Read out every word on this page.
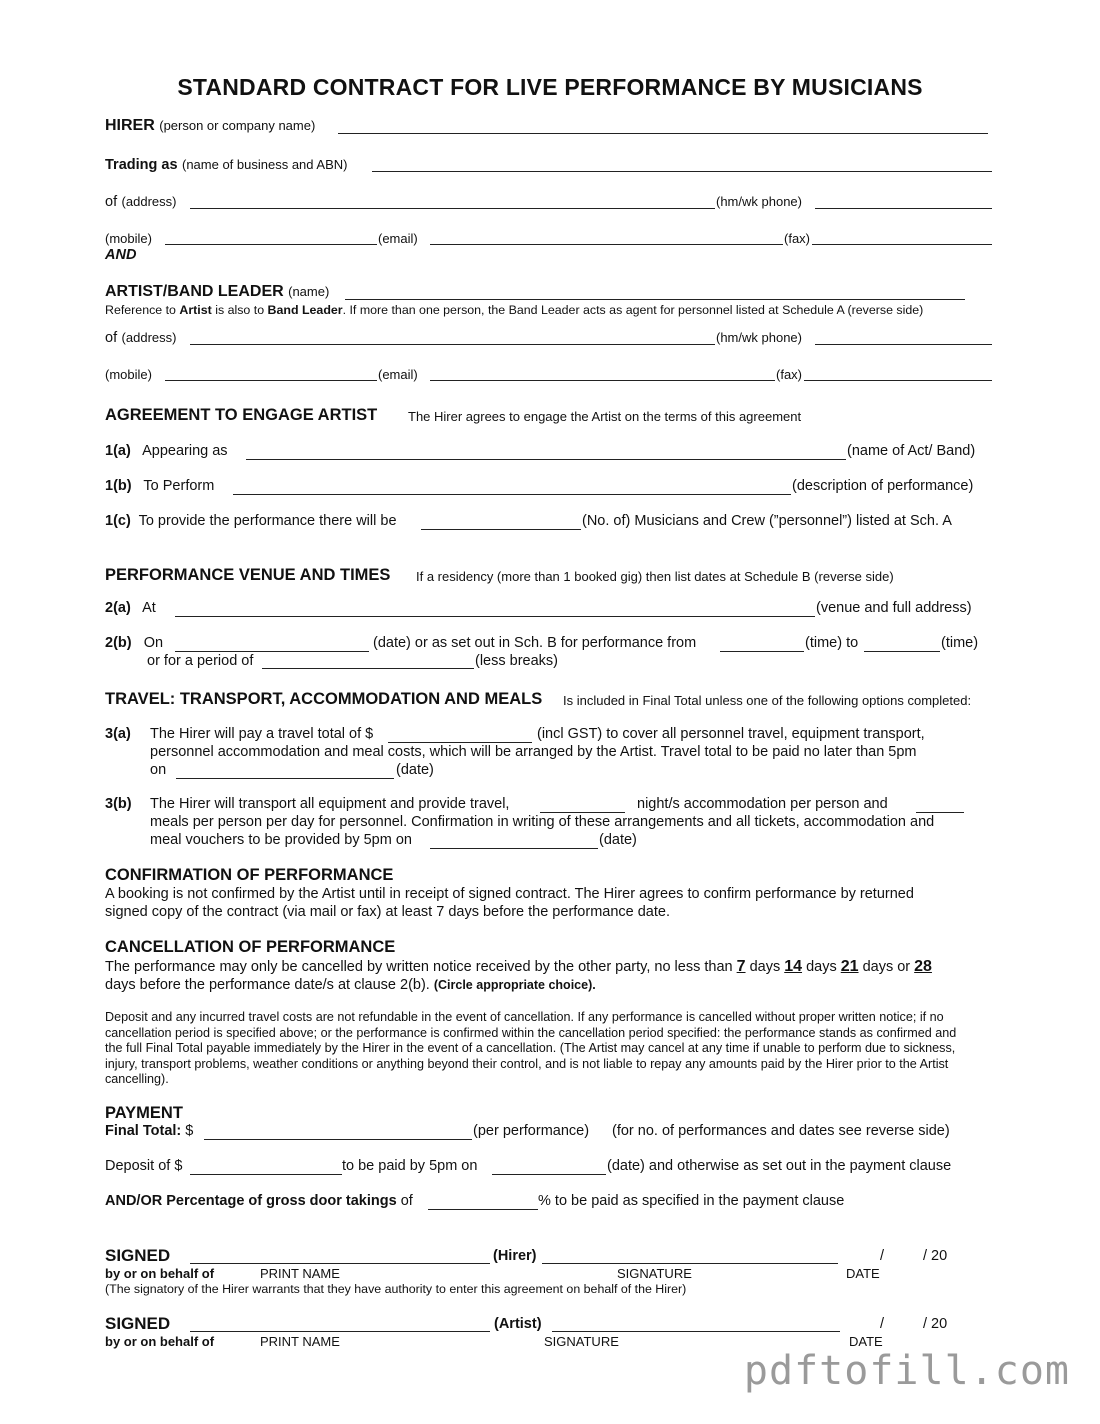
STANDARD CONTRACT FOR LIVE PERFORMANCE BY MUSICIANS
HIRER (person or company name)
Trading as (name of business and ABN)
of (address)	(hm/wk phone)
(mobile)	(email)	(fax)
AND
ARTIST/BAND LEADER (name)
Reference to Artist is also to Band Leader. If more than one person, the Band Leader acts as agent for personnel listed at Schedule A (reverse side)
of (address)	(hm/wk phone)
(mobile)	(email)	(fax)
AGREEMENT TO ENGAGE ARTIST The Hirer agrees to engage the Artist on the terms of this agreement
1(a) Appearing as	(name of Act/ Band)
1(b) To Perform	(description of performance)
1(c) To provide the performance there will be	(No. of) Musicians and Crew (”personnel”) listed at Sch. A
PERFORMANCE VENUE AND TIMES If a residency (more than 1 booked gig) then list dates at Schedule B (reverse side)
2(a) At	(venue and full address)
2(b) On	(date) or as set out in Sch. B for performance from	(time) to	(time)
or for a period of	(less breaks)
TRAVEL: TRANSPORT, ACCOMMODATION AND MEALS Is included in Final Total unless one of the following options completed:
3(a) The Hirer will pay a travel total of $	(incl GST) to cover all personnel travel, equipment transport,
personnel accommodation and meal costs, which will be arranged by the Artist. Travel total to be paid no later than 5pm
on	(date)
3(b) The Hirer will transport all equipment and provide travel,	night/s accommodation per person and
meals per person per day for personnel. Confirmation in writing of these arrangements and all tickets, accommodation and
meal vouchers to be provided by 5pm on	(date)
CONFIRMATION OF PERFORMANCE
A booking is not confirmed by the Artist until in receipt of signed contract. The Hirer agrees to confirm performance by returned
signed copy of the contract (via mail or fax) at least 7 days before the performance date.
CANCELLATION OF PERFORMANCE
The performance may only be cancelled by written notice received by the other party, no less than 7 days 14 days 21 days or 28
days before the performance date/s at clause 2(b). (Circle appropriate choice).
Deposit and any incurred travel costs are not refundable in the event of cancellation. If any performance is cancelled without proper written notice; if no cancellation period is specified above; or the performance is confirmed within the cancellation period specified: the performance stands as confirmed and the full Final Total payable immediately by the Hirer in the event of a cancellation. (The Artist may cancel at any time if unable to perform due to sickness, injury, transport problems, weather conditions or anything beyond their control, and is not liable to repay any amounts paid by the Hirer prior to the Artist cancelling).
PAYMENT
Final Total: $	(per performance) (for no. of performances and dates see reverse side)
Deposit of $	to be paid by 5pm on	(date) and otherwise as set out in the payment clause
AND/OR Percentage of gross door takings of	% to be paid as specified in the payment clause
SIGNED	(Hirer)	/	/ 20
by or on behalf of	PRINT NAME	SIGNATURE	DATE
(The signatory of the Hirer warrants that they have authority to enter this agreement on behalf of the Hirer)
SIGNED	(Artist)	/	/ 20
by or on behalf of	PRINT NAME	SIGNATURE	DATE
pdftofill.com
